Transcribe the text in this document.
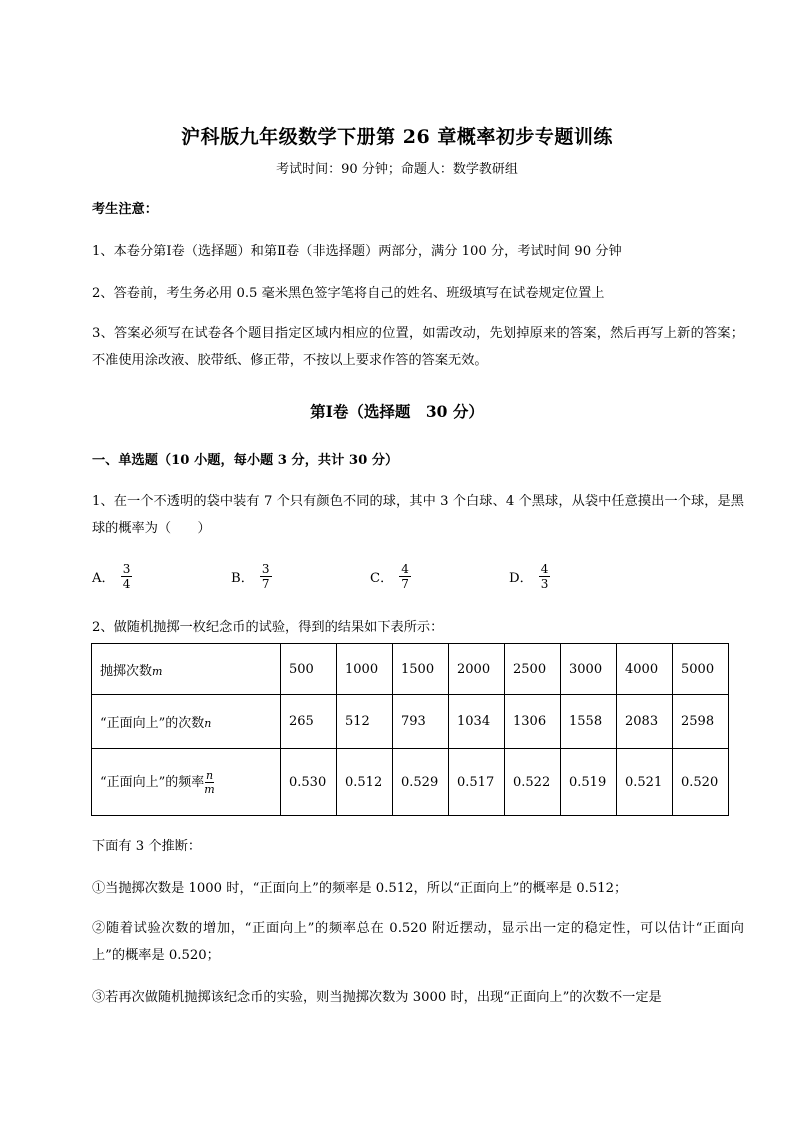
沪科版九年级数学下册第 26 章概率初步专题训练
考试时间：90 分钟；命题人：数学教研组
考生注意：
1、本卷分第Ⅰ卷（选择题）和第Ⅱ卷（非选择题）两部分，满分 100 分，考试时间 90 分钟
2、答卷前，考生务必用 0.5 毫米黑色签字笔将自己的姓名、班级填写在试卷规定位置上
3、答案必须写在试卷各个题目指定区域内相应的位置，如需改动，先划掉原来的答案，然后再写上新的答案；不准使用涂改液、胶带纸、修正带，不按以上要求作答的答案无效。
第Ⅰ卷（选择题　30 分）
一、单选题（10 小题，每小题 3 分，共计 30 分）
1、在一个不透明的袋中装有 7 个只有颜色不同的球，其中 3 个白球、4 个黑球，从袋中任意摸出一个球，是黑球的概率为（　　）
A． $\frac{3}{4}$	B． $\frac{3}{7}$	C． $\frac{4}{7}$	D． $\frac{4}{3}$
2、做随机抛掷一枚纪念币的试验，得到的结果如下表所示：
抛掷次数m	500	1000	1500	2000	2500	3000	4000	5000
“正面向上”的次数n	265	512	793	1034	1306	1558	2083	2598
“正面向上”的频率 $\frac{n}{m}$	0.530	0.512	0.529	0.517	0.522	0.519	0.521	0.520
下面有 3 个推断：
①当抛掷次数是 1000 时，“正面向上”的频率是 0.512，所以“正面向上”的概率是 0.512；
②随着试验次数的增加，“正面向上”的频率总在 0.520 附近摆动，显示出一定的稳定性，可以估计“正面向上”的概率是 0.520；
③若再次做随机抛掷该纪念币的实验，则当抛掷次数为 3000 时，出现“正面向上”的次数不一定是
